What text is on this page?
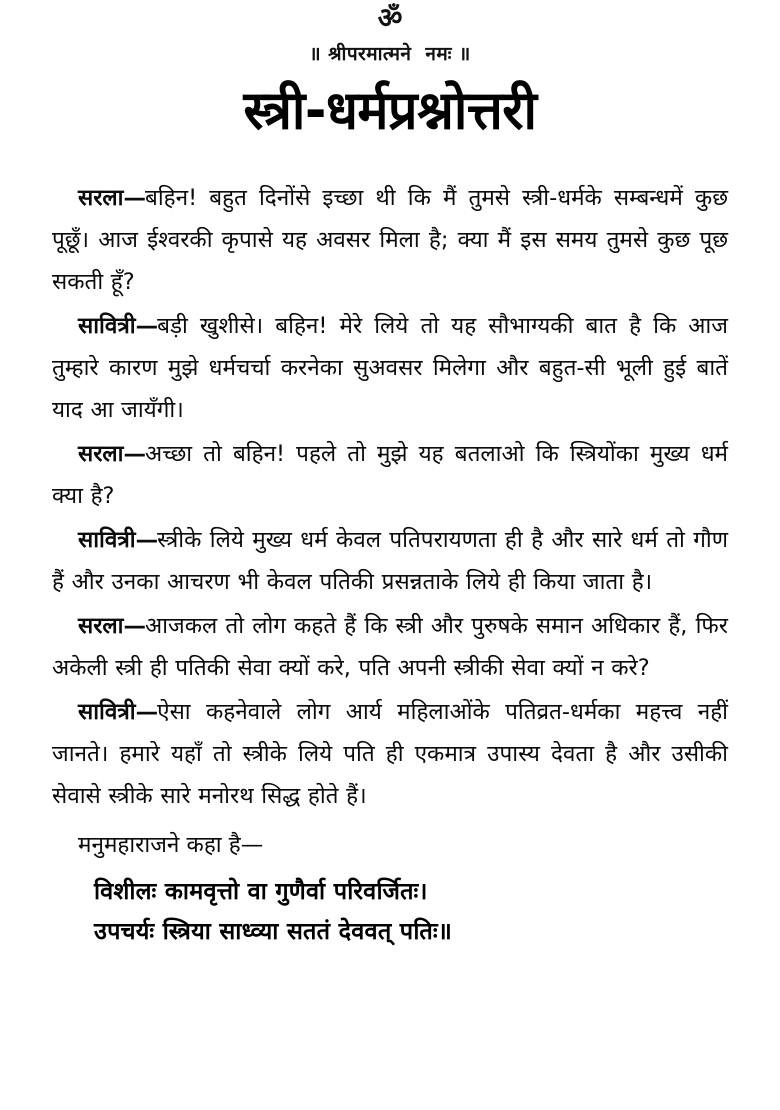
ॐ
॥ श्रीपरमात्मने  नमः ॥
स्त्री-धर्मप्रश्नोत्तरी

सरला—बहिन! बहुत दिनोंसे इच्छा थी कि मैं तुमसे स्त्री-धर्मके सम्बन्धमें कुछ पूछूँ। आज ईश्वरकी कृपासे यह अवसर मिला है; क्या मैं इस समय तुमसे कुछ पूछ सकती हूँ?

सावित्री—बड़ी खुशीसे। बहिन! मेरे लिये तो यह सौभाग्यकी बात है कि आज तुम्हारे कारण मुझे धर्मचर्चा करनेका सुअवसर मिलेगा और बहुत-सी भूली हुई बातें याद आ जायँगी।

सरला—अच्छा तो बहिन! पहले तो मुझे यह बतलाओ कि स्त्रियोंका मुख्य धर्म क्या है?

सावित्री—स्त्रीके लिये मुख्य धर्म केवल पतिपरायणता ही है और सारे धर्म तो गौण हैं और उनका आचरण भी केवल पतिकी प्रसन्नताके लिये ही किया जाता है।

सरला—आजकल तो लोग कहते हैं कि स्त्री और पुरुषके समान अधिकार हैं, फिर अकेली स्त्री ही पतिकी सेवा क्यों करे, पति अपनी स्त्रीकी सेवा क्यों न करे?

सावित्री—ऐसा कहनेवाले लोग आर्य महिलाओंके पतिव्रत-धर्मका महत्त्व नहीं जानते। हमारे यहाँ तो स्त्रीके लिये पति ही एकमात्र उपास्य देवता है और उसीकी सेवासे स्त्रीके सारे मनोरथ सिद्ध होते हैं।

मनुमहाराजने कहा है—

विशीलः कामवृत्तो वा गुणैर्वा परिवर्जितः।
उपचर्यः स्त्रिया साध्व्या सततं देववत् पतिः॥
